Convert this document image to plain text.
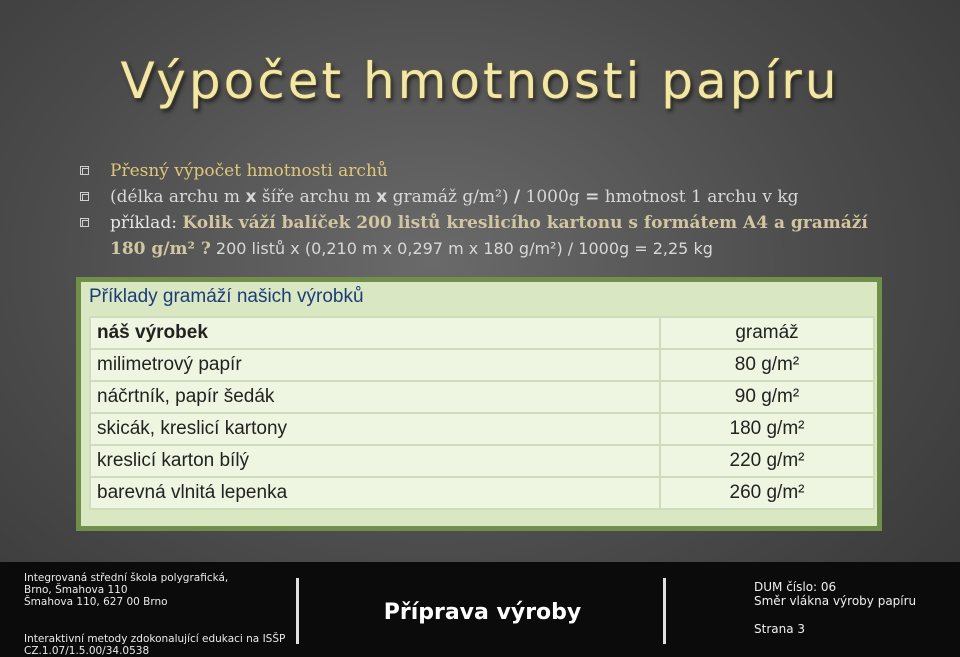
Výpočet hmotnosti papíru
Přesný výpočet hmotnosti archů
(délka archu m x šíře archu m x gramáž g/m²) / 1000g = hmotnost 1 archu v kg
příklad: Kolik váží balíček 200 listů kreslicího kartonu s formátem A4 a gramáží 180 g/m² ? 200 listů x (0,210 m x 0,297 m x 180 g/m²) / 1000g = 2,25 kg
Příklady gramáží našich výrobků
náš výrobek	gramáž
milimetrový papír	80 g/m²
náčrtník, papír šedák	90 g/m²
skicák, kreslicí kartony	180 g/m²
kreslicí karton bílý	220 g/m²
barevná vlnitá lepenka	260 g/m²
Integrovaná střední škola polygrafická,
Brno, Šmahova 110
Šmahova 110, 627 00 Brno
Interaktivní metody zdokonalující edukaci na ISŠP
CZ.1.07/1.5.00/34.0538
Příprava výroby
DUM číslo: 06
Směr vlákna výroby papíru
Strana 3
